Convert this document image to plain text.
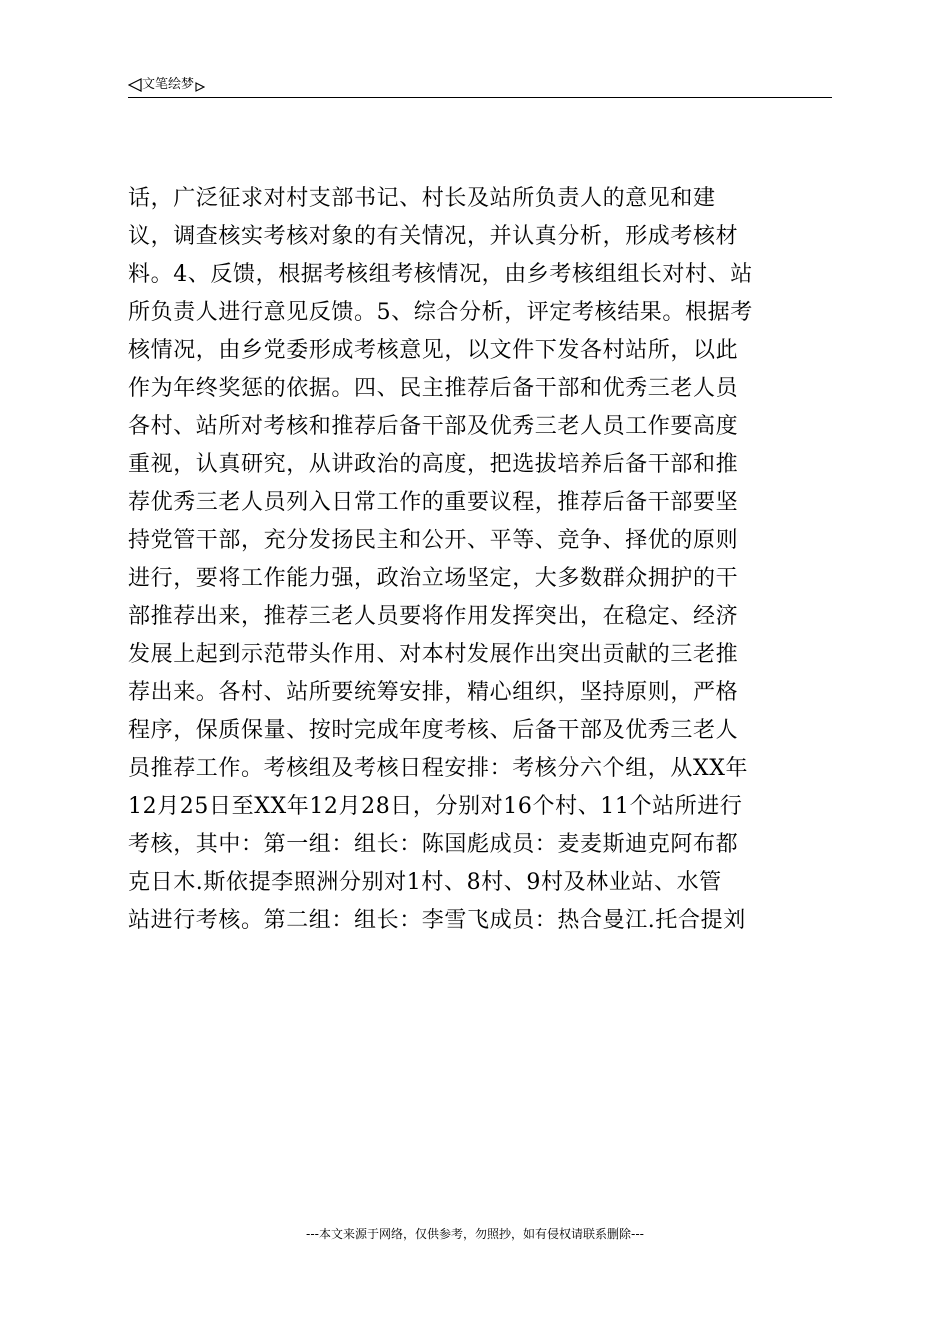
文笔绘梦
话，广泛征求对村支部书记、村长及站所负责人的意见和建
议，调查核实考核对象的有关情况，并认真分析，形成考核材
料。4、反馈，根据考核组考核情况，由乡考核组组长对村、站
所负责人进行意见反馈。5、综合分析，评定考核结果。根据考
核情况，由乡党委形成考核意见，以文件下发各村站所，以此
作为年终奖惩的依据。四、民主推荐后备干部和优秀三老人员
各村、站所对考核和推荐后备干部及优秀三老人员工作要高度
重视，认真研究，从讲政治的高度，把选拔培养后备干部和推
荐优秀三老人员列入日常工作的重要议程，推荐后备干部要坚
持党管干部，充分发扬民主和公开、平等、竞争、择优的原则
进行，要将工作能力强，政治立场坚定，大多数群众拥护的干
部推荐出来，推荐三老人员要将作用发挥突出，在稳定、经济
发展上起到示范带头作用、对本村发展作出突出贡献的三老推
荐出来。各村、站所要统筹安排，精心组织，坚持原则，严格
程序，保质保量、按时完成年度考核、后备干部及优秀三老人
员推荐工作。考核组及考核日程安排：考核分六个组，从XX年
12月25日至XX年12月28日，分别对16个村、11个站所进行
考核，其中：第一组：组长：陈国彪成员：麦麦斯迪克阿布都
克日木.斯依提李照洲分别对1村、8村、9村及林业站、水管
站进行考核。第二组：组长：李雪飞成员：热合曼江.托合提刘
---本文来源于网络，仅供参考，勿照抄，如有侵权请联系删除---
